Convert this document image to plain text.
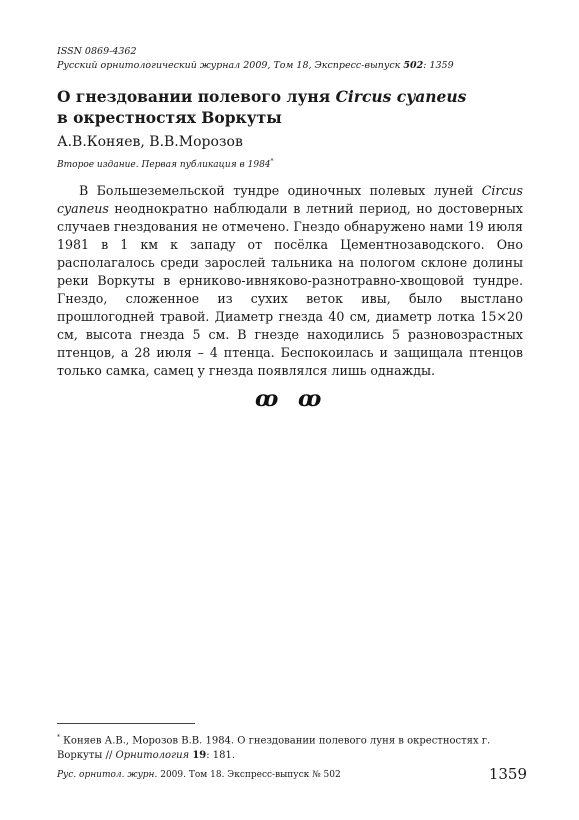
ISSN 0869-4362
Русский орнитологический журнал 2009, Том 18, Экспресс-выпуск 502: 1359
О гнездовании полевого луня Circus cyaneus
в окрестностях Воркуты
А.В.Коняев, В.В.Морозов
Второе издание. Первая публикация в 1984*
В Большеземельской тундре одиночных полевых луней Circus cyaneus неоднократно наблюдали в летний период, но достоверных случаев гнездования не отмечено. Гнездо обнаружено нами 19 июля 1981 в 1 км к западу от посёлка Цементнозаводского. Оно располагалось среди зарослей тальника на пологом склоне долины реки Воркуты в ерниково-ивняково-разнотравно-хвощовой тундре. Гнездо, сложенное из сухих веток ивы, было выстлано прошлогодней травой. Диаметр гнезда 40 см, диаметр лотка 15×20 см, высота гнезда 5 см. В гнезде находились 5 разновозрастных птенцов, а 28 июля – 4 птенца. Беспокоилась и защищала птенцов только самка, самец у гнезда появлялся лишь однажды.
ꝏ ꝏ
* Коняев А.В., Морозов В.В. 1984. О гнездовании полевого луня в окрестностях г. Воркуты // Орнитология 19: 181.
Рус. орнитол. журн. 2009. Том 18. Экспресс-выпуск № 502	1359
